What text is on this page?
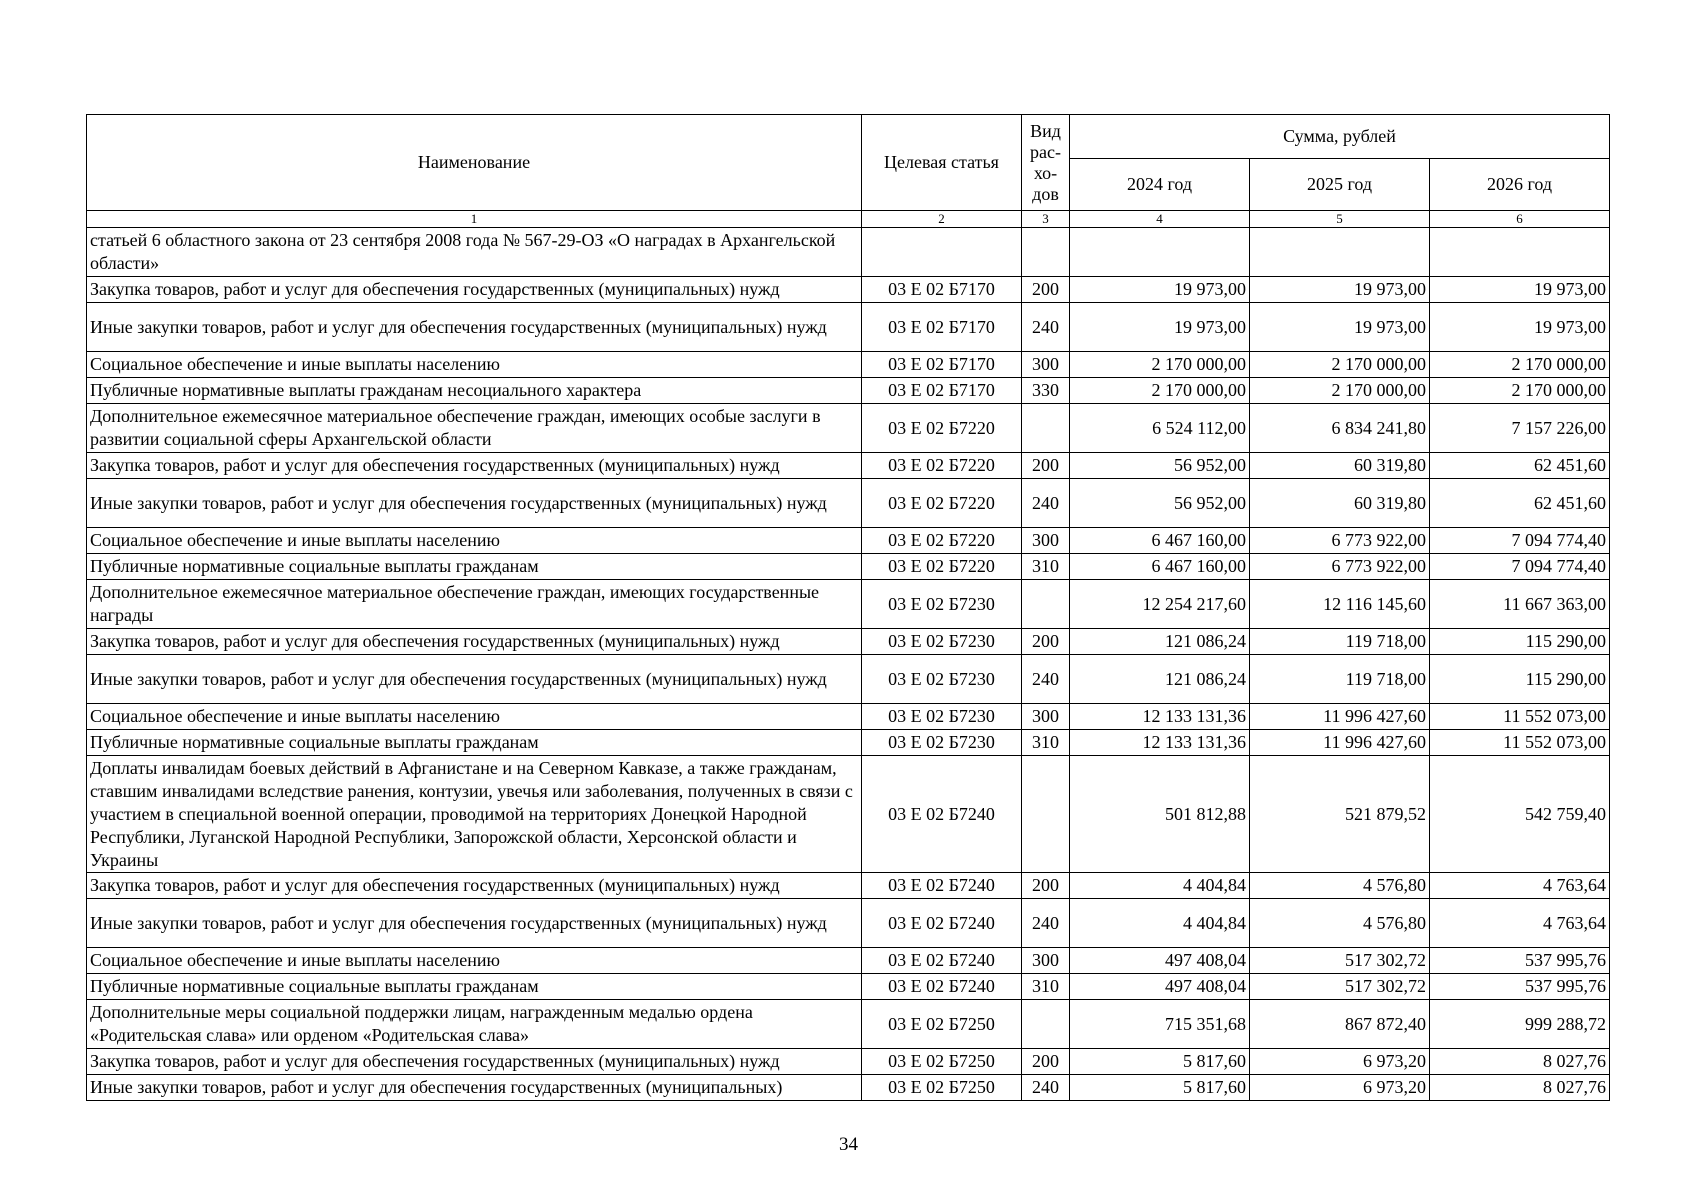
Наименование	Целевая статья	Вид рас-хо-дов	Сумма, рублей		
			2024 год	2025 год	2026 год
1	2	3	4	5	6
статьей 6 областного закона от 23 сентября 2008 года № 567-29-ОЗ «О наградах в Архангельской области»					
Закупка товаров, работ и услуг для обеспечения государственных (муниципальных) нужд	03 Е 02 Б7170	200	19 973,00	19 973,00	19 973,00
Иные закупки товаров, работ и услуг для обеспечения государственных (муниципальных) нужд	03 Е 02 Б7170	240	19 973,00	19 973,00	19 973,00
Социальное обеспечение и иные выплаты населению	03 Е 02 Б7170	300	2 170 000,00	2 170 000,00	2 170 000,00
Публичные нормативные выплаты гражданам несоциального характера	03 Е 02 Б7170	330	2 170 000,00	2 170 000,00	2 170 000,00
Дополнительное ежемесячное материальное обеспечение граждан, имеющих особые заслуги в развитии социальной сферы Архангельской области	03 Е 02 Б7220		6 524 112,00	6 834 241,80	7 157 226,00
Закупка товаров, работ и услуг для обеспечения государственных (муниципальных) нужд	03 Е 02 Б7220	200	56 952,00	60 319,80	62 451,60
Иные закупки товаров, работ и услуг для обеспечения государственных (муниципальных) нужд	03 Е 02 Б7220	240	56 952,00	60 319,80	62 451,60
Социальное обеспечение и иные выплаты населению	03 Е 02 Б7220	300	6 467 160,00	6 773 922,00	7 094 774,40
Публичные нормативные социальные выплаты гражданам	03 Е 02 Б7220	310	6 467 160,00	6 773 922,00	7 094 774,40
Дополнительное ежемесячное материальное обеспечение граждан, имеющих государственные награды	03 Е 02 Б7230		12 254 217,60	12 116 145,60	11 667 363,00
Закупка товаров, работ и услуг для обеспечения государственных (муниципальных) нужд	03 Е 02 Б7230	200	121 086,24	119 718,00	115 290,00
Иные закупки товаров, работ и услуг для обеспечения государственных (муниципальных) нужд	03 Е 02 Б7230	240	121 086,24	119 718,00	115 290,00
Социальное обеспечение и иные выплаты населению	03 Е 02 Б7230	300	12 133 131,36	11 996 427,60	11 552 073,00
Публичные нормативные социальные выплаты гражданам	03 Е 02 Б7230	310	12 133 131,36	11 996 427,60	11 552 073,00
Доплаты инвалидам боевых действий в Афганистане и на Северном Кавказе, а также гражданам, ставшим инвалидами вследствие ранения, контузии, увечья или заболевания, полученных в связи с участием в специальной военной операции, проводимой на территориях Донецкой Народной Республики, Луганской Народной Республики, Запорожской области, Херсонской области и Украины	03 Е 02 Б7240		501 812,88	521 879,52	542 759,40
Закупка товаров, работ и услуг для обеспечения государственных (муниципальных) нужд	03 Е 02 Б7240	200	4 404,84	4 576,80	4 763,64
Иные закупки товаров, работ и услуг для обеспечения государственных (муниципальных) нужд	03 Е 02 Б7240	240	4 404,84	4 576,80	4 763,64
Социальное обеспечение и иные выплаты населению	03 Е 02 Б7240	300	497 408,04	517 302,72	537 995,76
Публичные нормативные социальные выплаты гражданам	03 Е 02 Б7240	310	497 408,04	517 302,72	537 995,76
Дополнительные меры социальной поддержки лицам, награжденным медалью ордена «Родительская слава» или орденом «Родительская слава»	03 Е 02 Б7250		715 351,68	867 872,40	999 288,72
Закупка товаров, работ и услуг для обеспечения государственных (муниципальных) нужд	03 Е 02 Б7250	200	5 817,60	6 973,20	8 027,76
Иные закупки товаров, работ и услуг для обеспечения государственных (муниципальных)	03 Е 02 Б7250	240	5 817,60	6 973,20	8 027,76
34
